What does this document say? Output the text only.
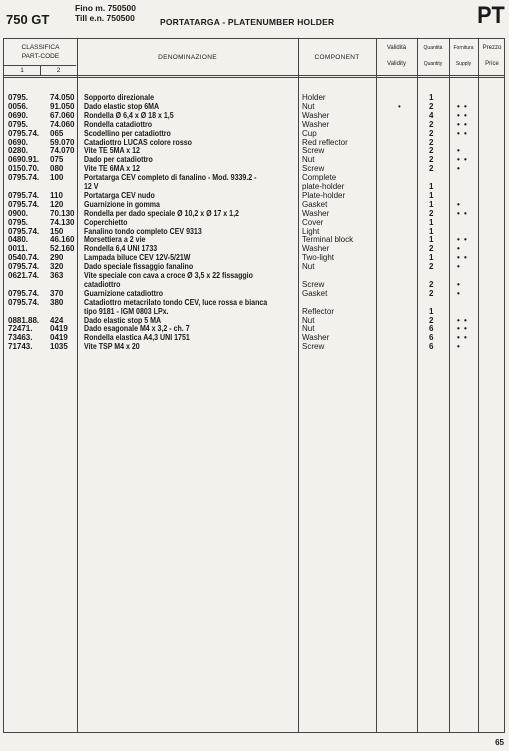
750 GT
Fino m. 750500
Till e.n. 750500	PORTATARGA - PLATENUMBER HOLDER	PT
CLASSIFICA
PART-CODE
1	2
DENOMINAZIONE	COMPONENT
Validità
Validity
Quantità
Quantity
Fornitura
Supply
Prezzo
Price
0795.	74.050 Sopporto direzionale	Holder	1
0056.	91.050 Dado elastic stop 6MA	Nut	•	2	• •
0690.	67.060 Rondella Ø 6,4 x Ø 18 x 1,5	Washer	4	• •
0795.	74.060 Rondella catadiottro	Washer	2	• •
0795.74. 065	Scodellino per catadiottro	Cup	2	• •
0690.	59.070 Catadiottro LUCAS colore rosso	Red reflector	2
0280.	74.070 Vite TE 5MA x 12	Screw	2	•
0690.91. 075	Dado per catadiottro	Nut	2	• •
0150.70. 080	Vite TE 6MA x 12	Screw	2	•
0795.74. 100	Portatarga CEV completo di fanalino - Mod. 9339.2 -	Complete
12 V	plate-holder	1
0795.74. 110	Portatarga CEV nudo	Plate-holder	1
0795.74. 120	Guarnizione in gomma	Gasket	1	•
0900.	70.130 Rondella per dado speciale Ø 10,2 x Ø 17 x 1,2	Washer	2	• •
0795.	74.130 Coperchietto	Cover	1
0795.74. 150	Fanalino tondo completo CEV 9313	Light	1
0480.	46.160 Morsettiera a 2 vie	Terminal block	1	• •
0011.	52.160 Rondella 6,4 UNI 1733	Washer	2	•
0540.74. 290	Lampada biluce CEV 12V-5/21W	Two-light	1	• •
0795.74. 320	Dado speciale fissaggio fanalino	Nut	2	•
0621.74. 363	Vite speciale con cava a croce Ø 3,5 x 22 fissaggio
catadiottro	Screw	2	•
0795.74. 370	Guarnizione catadiottro	Gasket	2	•
0795.74. 380	Catadiottro metacrilato tondo CEV, luce rossa e bianca
tipo 9181 - IGM 0803 LPx.	Reflector	1
0881.88. 424	Dado elastic stop 5 MA	Nut	2	• •
72471. 0419 Dado esagonale M4 x 3,2 - ch. 7	Nut	6	• •
73463. 0419 Rondella elastica A4,3 UNI 1751	Washer	6	• •
71743. 1035 Vite TSP M4 x 20	Screw	6	•
65
